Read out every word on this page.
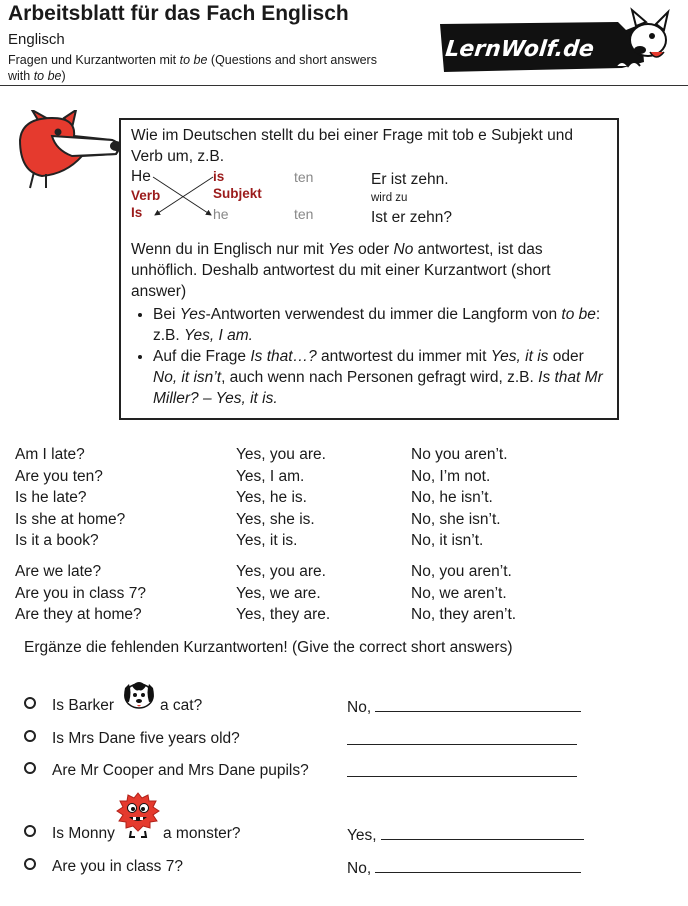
Arbeitsblatt für das Fach Englisch
Englisch
Fragen und Kurzantworten mit to be (Questions and short answers with to be)
LernWolf.de
Wie im Deutschen stellt du bei einer Frage mit tob e Subjekt und Verb um, z.B.
He	is	ten
Verb	Subjekt
Is	he	ten
Er ist zehn.
wird zu
Ist er zehn?
Wenn du in Englisch nur mit Yes oder No antwortest, ist das unhöflich. Deshalb antwortest du mit einer Kurzantwort (short answer)
• Bei Yes-Antworten verwendest du immer die Langform von to be: z.B. Yes, I am.
• Auf die Frage Is that…? antwortest du immer mit Yes, it is oder No, it isn’t, auch wenn nach Personen gefragt wird, z.B. Is that Mr Miller? – Yes, it is.
Am I late?	Yes, you are.	No you aren’t.
Are you ten?	Yes, I am.	No, I’m not.
Is he late?	Yes, he is.	No, he isn’t.
Is she at home?	Yes, she is.	No, she isn’t.
Is it a book?	Yes, it is.	No, it isn’t.
Are we late?	Yes, you are.	No, you aren’t.
Are you in class 7?	Yes, we are.	No, we aren’t.
Are they at home?	Yes, they are.	No, they aren’t.
Ergänze die fehlenden Kurzantworten! (Give the correct short answers)
Is Barker	a cat?	No,
Is Mrs Dane five years old?
Are Mr Cooper and Mrs Dane pupils?
Is Monny	a monster?	Yes,
Are you in class 7?	No,
